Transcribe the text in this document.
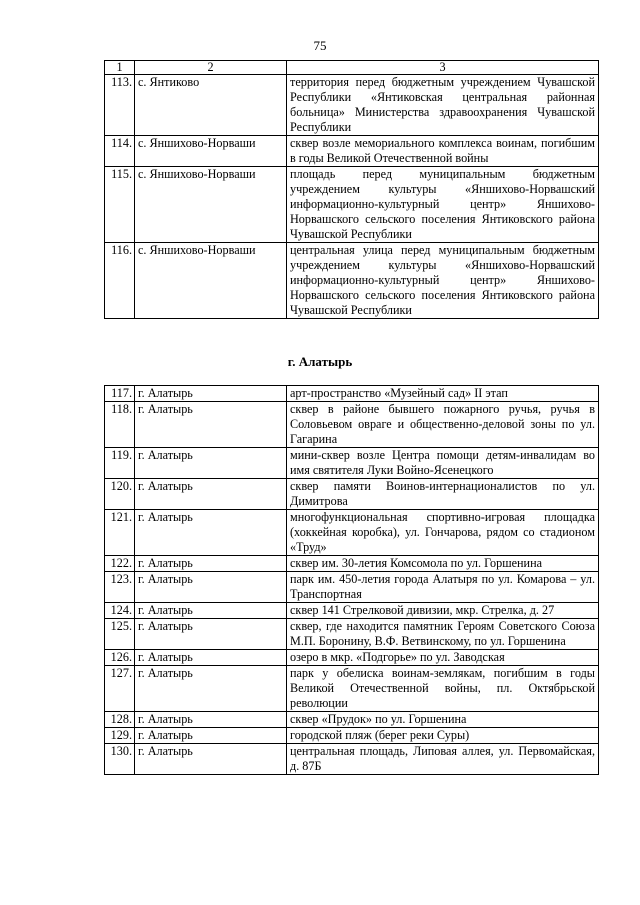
75
1	2	3
113.	с. Янтиково	территория перед бюджетным учреждением Чувашской Республики «Янтиковская центральная районная больница» Министерства здравоохранения Чувашской Республики
114.	с. Яншихово-Норваши	сквер возле мемориального комплекса воинам, погибшим в годы Великой Отечественной войны
115.	с. Яншихово-Норваши	площадь перед муниципальным бюджетным учреждением культуры «Яншихово-Норвашский информационно-культурный центр» Яншихово-Норвашского сельского поселения Янтиковского района Чувашской Республики
116.	с. Яншихово-Норваши	центральная улица перед муниципальным бюджетным учреждением культуры «Яншихово-Норвашский информационно-культурный центр» Яншихово-Норвашского сельского поселения Янтиковского района Чувашской Республики
г. Алатырь
117.	г. Алатырь	арт-пространство «Музейный сад» II этап
118.	г. Алатырь	сквер в районе бывшего пожарного ручья, ручья в Соловьевом овраге и общественно-деловой зоны по ул. Гагарина
119.	г. Алатырь	мини-сквер возле Центра помощи детям-инвалидам во имя святителя Луки Войно-Ясенецкого
120.	г. Алатырь	сквер памяти Воинов-интернационалистов по ул. Димитрова
121.	г. Алатырь	многофункциональная спортивно-игровая площадка (хоккейная коробка), ул. Гончарова, рядом со стадионом «Труд»
122.	г. Алатырь	сквер им. 30-летия Комсомола по ул. Горшенина
123.	г. Алатырь	парк им. 450-летия города Алатыря по ул. Комарова – ул. Транспортная
124.	г. Алатырь	сквер 141 Стрелковой дивизии, мкр. Стрелка, д. 27
125.	г. Алатырь	сквер, где находится памятник Героям Советского Союза М.П. Боронину, В.Ф. Ветвинскому, по ул. Горшенина
126.	г. Алатырь	озеро в мкр. «Подгорье» по ул. Заводская
127.	г. Алатырь	парк у обелиска воинам-землякам, погибшим в годы Великой Отечественной войны, пл. Октябрьской революции
128.	г. Алатырь	сквер «Прудок» по ул. Горшенина
129.	г. Алатырь	городской пляж (берег реки Суры)
130.	г. Алатырь	центральная площадь, Липовая аллея, ул. Первомайская, д. 87Б
